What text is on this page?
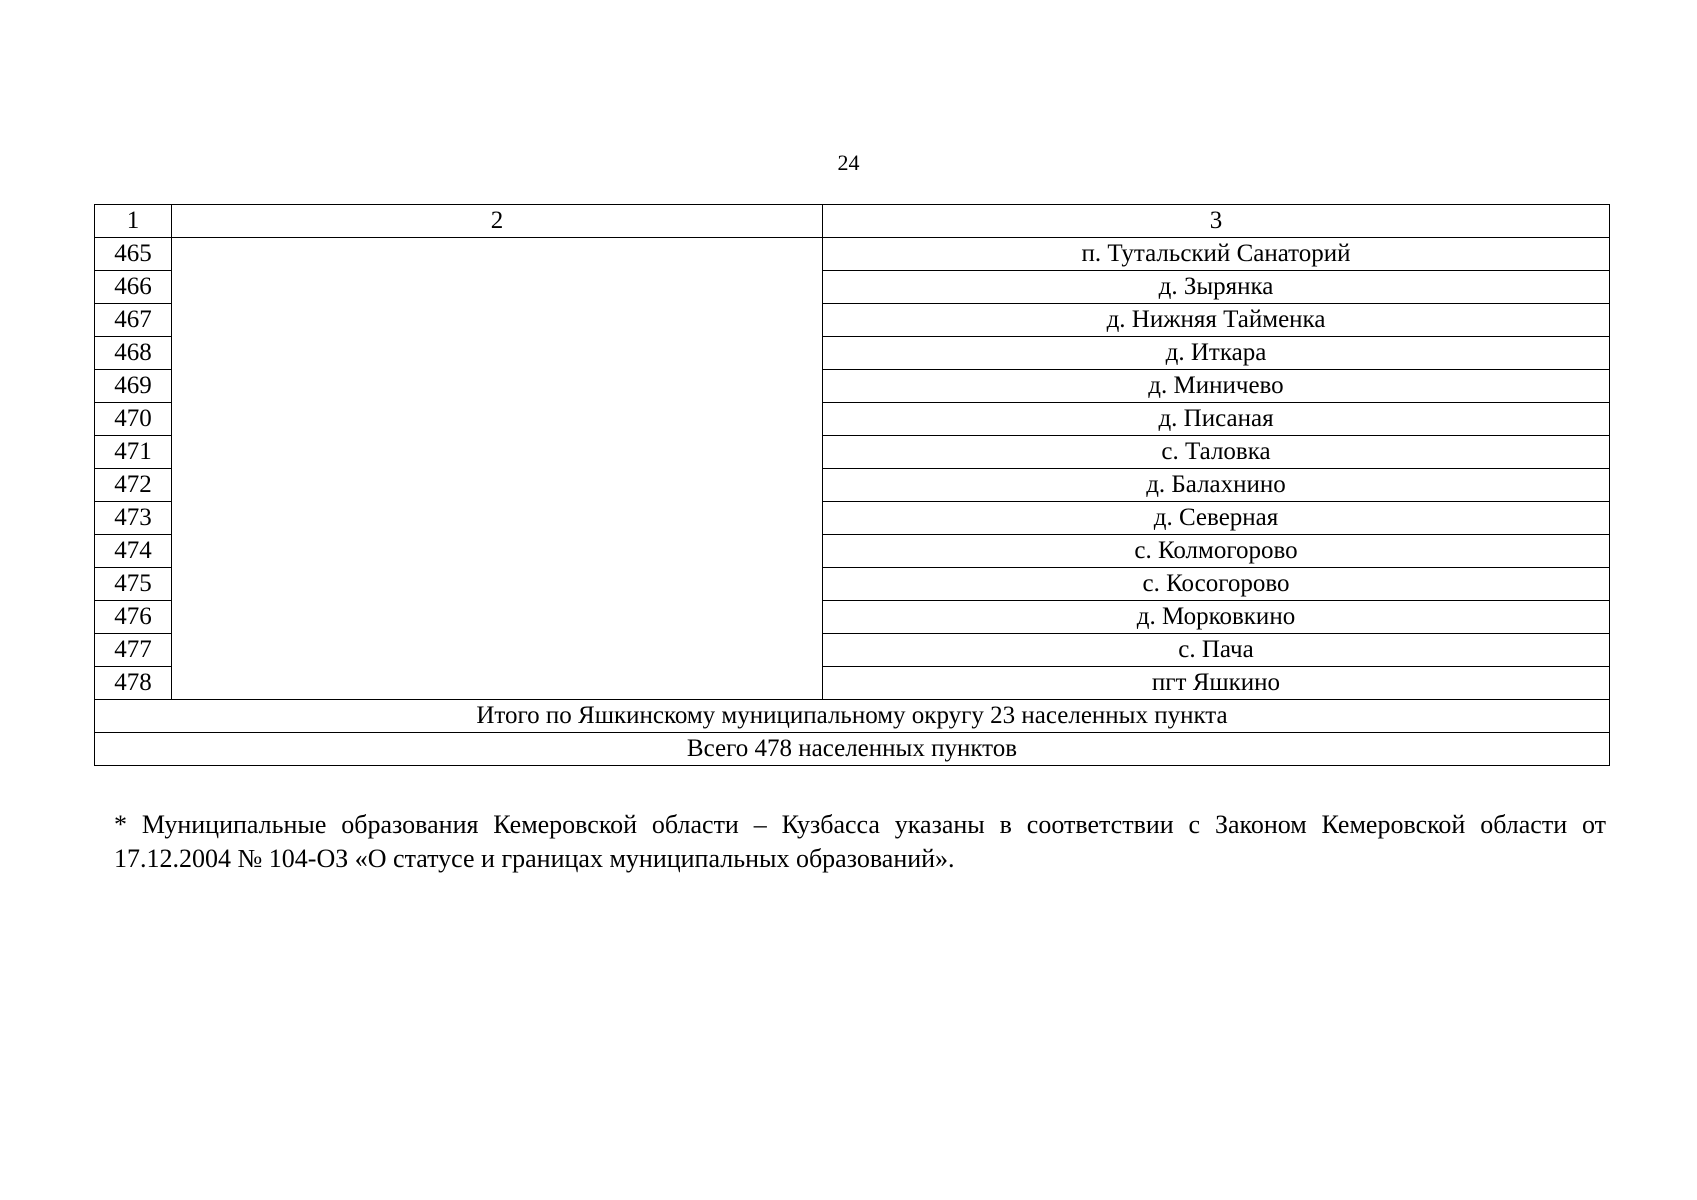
24
1	2	3
465		п. Тутальский Санаторий
466		д. Зырянка
467		д. Нижняя Тайменка
468		д. Иткара
469		д. Миничево
470		д. Писаная
471		с. Таловка
472		д. Балахнино
473		д. Северная
474		с. Колмогорово
475		с. Косогорово
476		д. Морковкино
477		с. Пача
478		пгт Яшкино
Итого по Яшкинскому муниципальному округу 23 населенных пункта		
Всего 478 населенных пунктов		
* Муниципальные образования Кемеровской области – Кузбасса указаны в соответствии с Законом Кемеровской области от 17.12.2004 № 104-ОЗ «О статусе и границах муниципальных образований».
